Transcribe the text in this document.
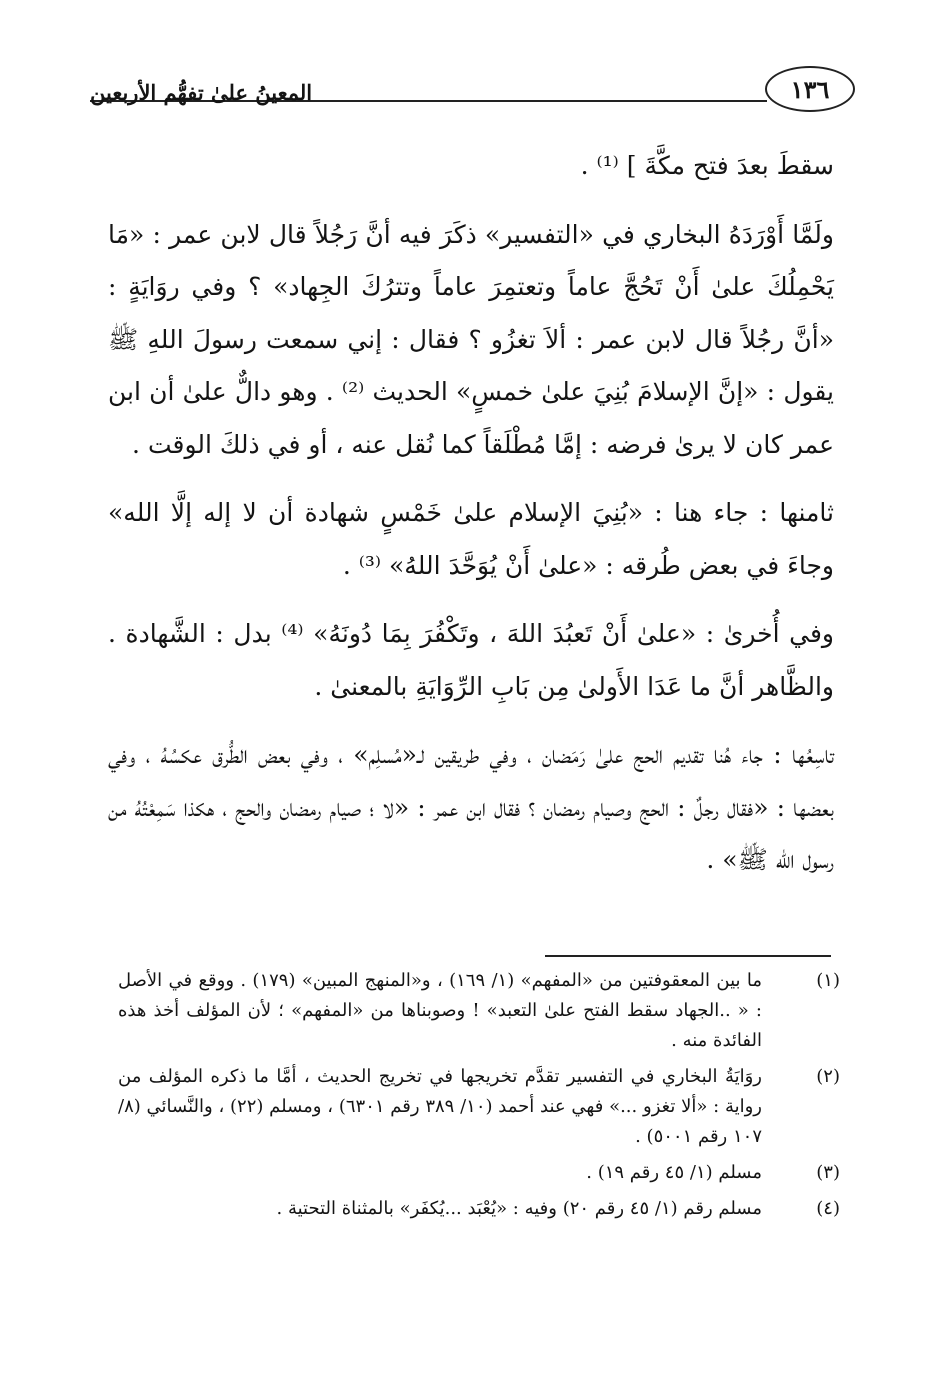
١٣٦
المعينُ علىٰ تفهُّم الأربعين

سقطَ بعدَ فتح مكَّةَ ] ⁽¹⁾ .

ولَمَّا أَوْرَدَهُ البخاري في «التفسير» ذكَرَ فيه أنَّ رَجُلاً قال لابن عمر : «مَا يَحْمِلُكَ علىٰ أَنْ تَحُجَّ عاماً وتعتمِرَ عاماً وتترُكَ الجِهاد» ؟ وفي روَايَةٍ : «أنَّ رجُلاً قال لابن عمر : ألاَ تغزُو ؟ فقال : إني سمعت رسولَ اللهِ ﷺ يقول : «إنَّ الإسلامَ بُنِيَ علىٰ خمسٍ» الحديث ⁽²⁾ . وهو دالٌّ علىٰ أن ابن عمر كان لا يرىٰ فرضه : إمَّا مُطْلَقاً كما نُقل عنه ، أو في ذلكَ الوقت .

ثامنها : جاء هنا : «بُنِيَ الإسلام علىٰ خَمْسٍ شهادة أن لا إله إلَّا الله» وجاءَ في بعض طُرقه : «علىٰ أَنْ يُوَحَّدَ اللهُ» ⁽³⁾ .

وفي أُخرىٰ : «علىٰ أَنْ تَعبُدَ اللهَ ، وتَكْفُرَ بِمَا دُونَهُ» ⁽⁴⁾ بدل : الشَّهادة . والظَّاهر أنَّ ما عَدَا الأَولىٰ مِن بَابِ الرِّوَايَةِ بالمعنىٰ .

تاسِعُها : جاء هُنا تقديم الحج علىٰ رَمَضان ، وفي طريقين لـ«مُسلِم» ، وفي بعض الطُّرق عكسُهُ ، وفي بعضها : «فقال رجلٌ : الحج وصيام رمضان ؟ فقال ابن عمر : «لا ؛ صيام رمضان والحج ، هكذا سَمِعْتُهُ من رسول الله ﷺ» .

(١)
ما بين المعقوفتين من «المفهم» (١/ ١٦٩) ، و«المنهج المبين» (١٧٩) . ووقع في الأصل : « ..الجهاد سقط الفتح علىٰ التعبد» ! وصوبناها من «المفهم» ؛ لأن المؤلف أخذ هذه الفائدة منه .
(٢)
روَايَةُ البخاري في التفسير تقدَّم تخريجها في تخريج الحديث ، أمَّا ما ذكره المؤلف من رواية : «ألا تغزو ...» فهي عند أحمد (١٠/ ٣٨٩ رقم ٦٣٠١) ، ومسلم (٢٢) ، والنَّسائي (٨/ ١٠٧ رقم ٥٠٠١) .
(٣)
مسلم (١/ ٤٥ رقم ١٩) .
(٤)
مسلم رقم (١/ ٤٥ رقم ٢٠) وفيه : «يُعْبَد ...يُكفَر» بالمثناة التحتية .
